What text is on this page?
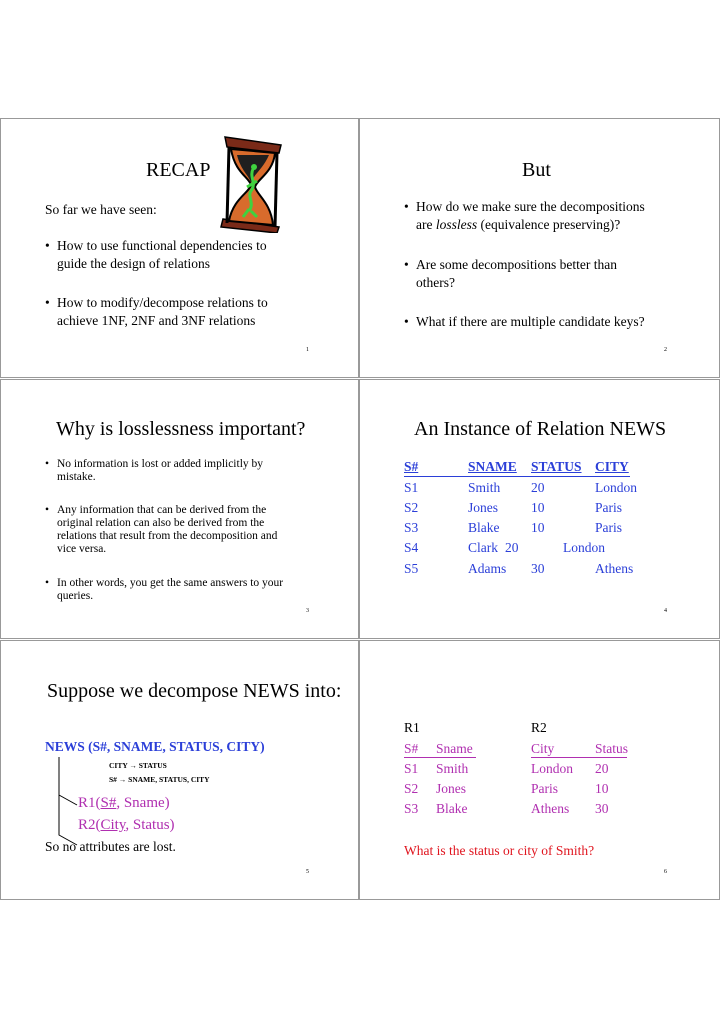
RECAP
So far we have seen:
• How to use functional dependencies to
guide the design of relations
• How to modify/decompose relations to
achieve 1NF, 2NF and 3NF relations
1
But
• How do we make sure the decompositions
are lossless (equivalence preserving)?
• Are some decompositions better than
others?
• What if there are multiple candidate keys?
2
Why is losslessness important?
• No information is lost or added implicitly by
mistake.
• Any information that can be derived from the
original relation can also be derived from the
relations that result from the decomposition and
vice versa.
• In other words, you get the same answers to your
queries.
3
An Instance of Relation NEWS
S#	SNAME STATUS CITY
S1	Smith 20	London
S2	Jones 10	Paris
S3	Blake 10	Paris
S4	Clark 20	London
S5	Adams 30	Athens
4
Suppose we decompose NEWS into:
NEWS (S#, SNAME, STATUS, CITY)
CITY → STATUS
S# → SNAME, STATUS, CITY
R1(S#, Sname)
R2(City, Status)
So no attributes are lost.
5
R1	R2
S# Sname	City	Status
S1 Smith	London 20
S2 Jones	Paris	10
S3 Blake	Athens 30
What is the status or city of Smith?
6
